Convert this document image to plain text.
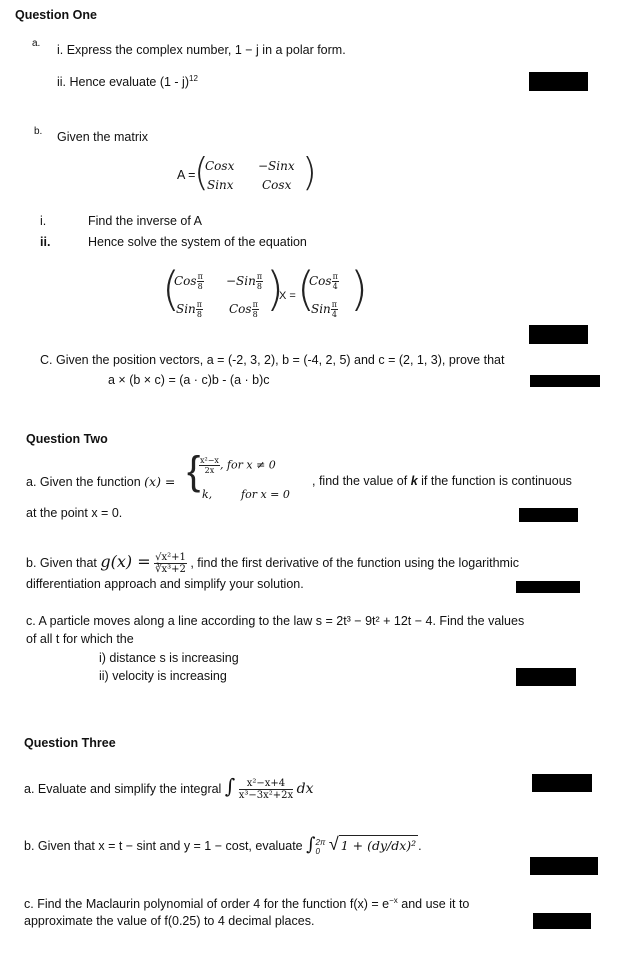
Question One
a. i. Express the complex number, 1 − j in a polar form.
ii. Hence evaluate (1 - j)$^{12}$
b. Given the matrix
A =
(
Cosx −Sinx
Sinx Cosx )
i.	Find the inverse of A
ii.	Hence solve the system of the equation
(
Cos $\frac{\pi}{8} -Sin \frac{\pi}{8}$
Sin $\frac{\pi}{8}$ Cos $\frac{\pi}{8}$ )
X = (
Cos $\frac{\pi}{4}$
Sin $\frac{\pi}{4}$ )
C. Given the position vectors, a = (-2, 3, 2), b = (-4, 2, 5) and c = (2, 1, 3), prove that
a × (b × c) = (a · c)b - (a · b)c
Question Two
a. Given the function (x) = {
$\frac{\text{x²−x}}{2x}$ , for x ≠ 0
k,	for x = 0
, find the value of k if the function is continuous
at the point x = 0.
b. Given that $g(x) = \frac{\text{√x²+1}}{\text{∛x³+2}}$ , find the first derivative of the function using the logarithmic
differentiation approach and simplify your solution.
c. A particle moves along a line according to the law s = 2t³ − 9t² + 12t − 4. Find the values
of all t for which the
i) distance s is increasing
ii) velocity is increasing
Question Three
a. Evaluate and simplify the integral ∫ $\frac{\text{x²−x+4}}{\text{x³−3x²+2x}}$ dx
b. Given that x = t − sint and y = 1 − cost, evaluate ∫ 2π
0 √ 1 + (dy/dx)² .
c. Find the Maclaurin polynomial of order 4 for the function $f(x) = e^{-x}$ and use it to
approximate the value of f(0.25) to 4 decimal places.
